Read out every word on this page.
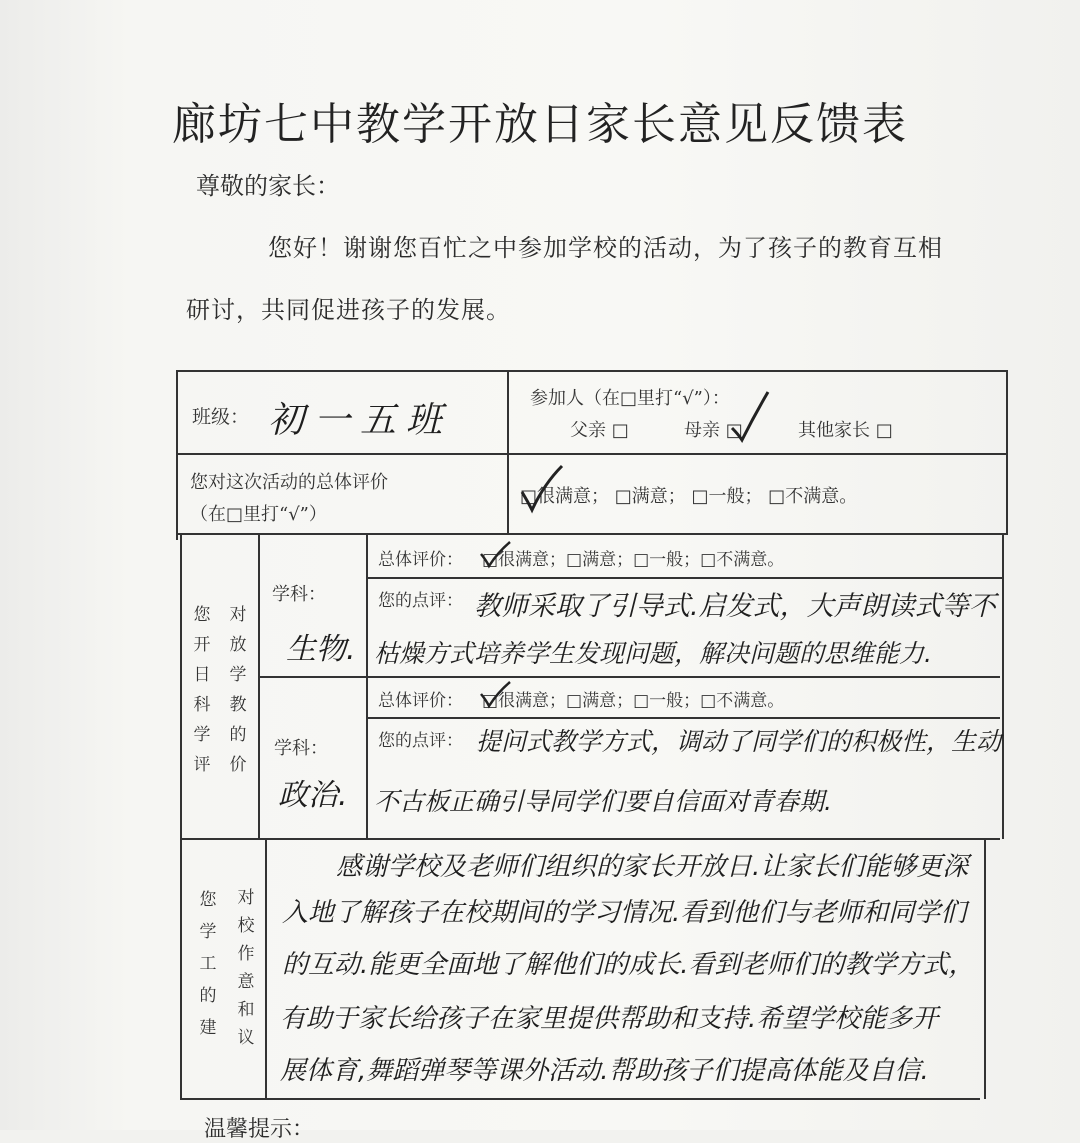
廊坊七中教学开放日家长意见反馈表
尊敬的家长：
您好！谢谢您百忙之中参加学校的活动，为了孩子的教育互相
研讨，共同促进孩子的发展。
班级： 初一五班
参加人（在□里打“√”）：
父亲 □	母亲 □	其他家长 □
您对这次活动的总体评价
（在□里打“√”）
□很满意； □满意； □一般； □不满意。
您开日科学评
对放学教的价
学科：
生物.
总体评价： □很满意；□满意；□一般；□不满意。
您的点评： 教师采取了引导式.启发式，大声朗读式等不
枯燥方式培养学生发现问题，解决问题的思维能力.
学科：
政治.
总体评价： □很满意；□满意；□一般；□不满意。
您的点评： 提问式教学方式，调动了同学们的积极性，生动
不古板正确引导同学们要自信面对青春期.
您学工的建
对校作意和议
感谢学校及老师们组织的家长开放日.让家长们能够更深
入地了解孩子在校期间的学习情况.看到他们与老师和同学们
的互动.能更全面地了解他们的成长.看到老师们的教学方式，
有助于家长给孩子在家里提供帮助和支持.希望学校能多开
展体育,舞蹈弹琴等课外活动.帮助孩子们提高体能及自信.
温馨提示：
